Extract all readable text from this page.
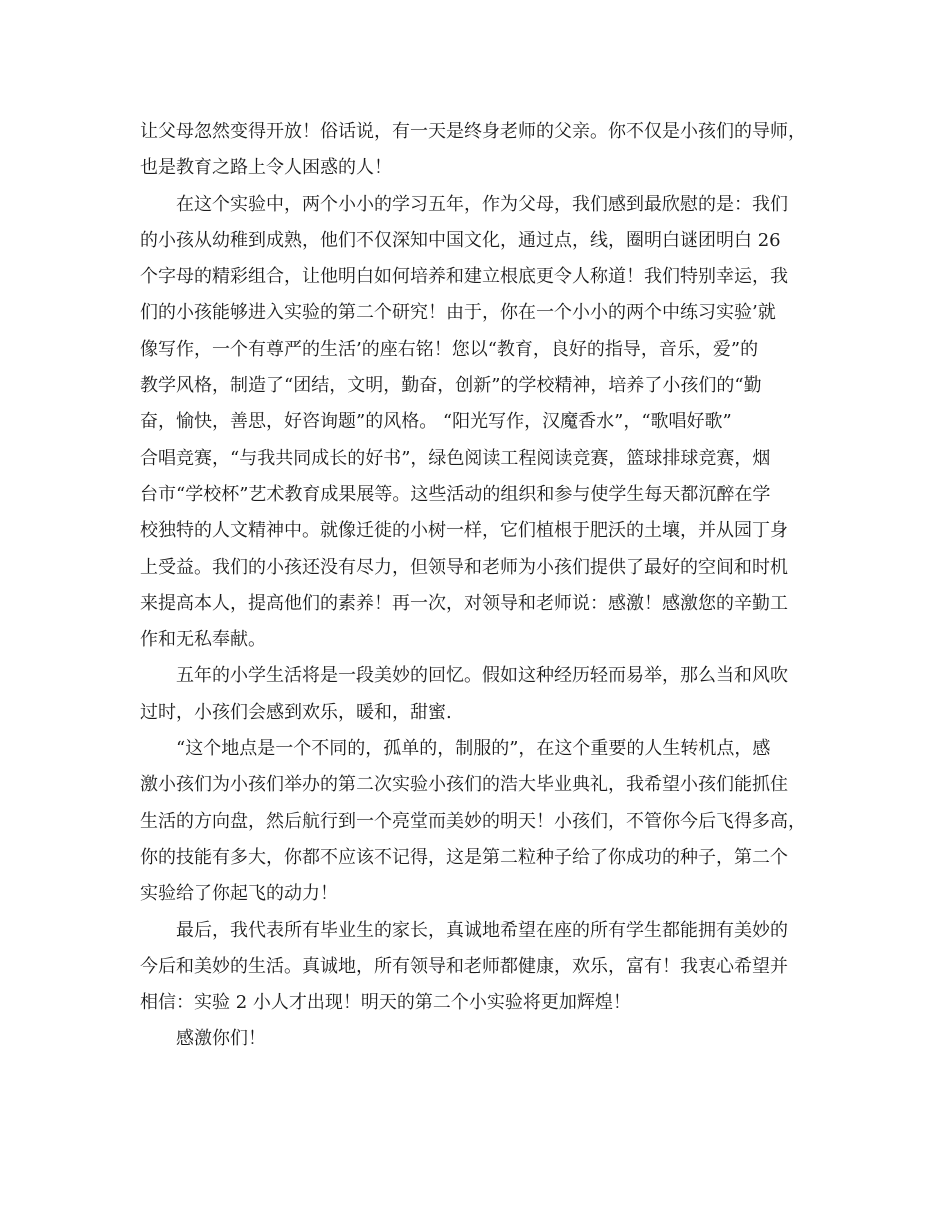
让父母忽然变得开放！俗话说，有一天是终身老师的父亲。你不仅是小孩们的导师，
也是教育之路上令人困惑的人！

在这个实验中，两个小小的学习五年，作为父母，我们感到最欣慰的是：我们
的小孩从幼稚到成熟，他们不仅深知中国文化，通过点，线，圈明白谜团明白 26
个字母的精彩组合，让他明白如何培养和建立根底更令人称道！我们特别幸运，我
们的小孩能够进入实验的第二个研究！由于，你在一个小小的两个中练习实验’就
像写作，一个有尊严的生活’的座右铭！您以“教育，良好的指导，音乐，爱”的
教学风格，制造了“团结，文明，勤奋，创新”的学校精神，培养了小孩们的“勤
奋，愉快，善思，好咨询题”的风格。 “阳光写作，汉魔香水”，“歌唱好歌”
合唱竞赛，“与我共同成长的好书”，绿色阅读工程阅读竞赛，篮球排球竞赛，烟
台市“学校杯”艺术教育成果展等。这些活动的组织和参与使学生每天都沉醉在学
校独特的人文精神中。就像迁徙的小树一样，它们植根于肥沃的土壤，并从园丁身
上受益。我们的小孩还没有尽力，但领导和老师为小孩们提供了最好的空间和时机
来提高本人，提高他们的素养！再一次，对领导和老师说：感激！感激您的辛勤工
作和无私奉献。

五年的小学生活将是一段美妙的回忆。假如这种经历轻而易举，那么当和风吹
过时，小孩们会感到欢乐，暖和，甜蜜.

“这个地点是一个不同的，孤单的，制服的”，在这个重要的人生转机点，感
激小孩们为小孩们举办的第二次实验小孩们的浩大毕业典礼，我希望小孩们能抓住
生活的方向盘，然后航行到一个亮堂而美妙的明天！小孩们，不管你今后飞得多高，
你的技能有多大，你都不应该不记得，这是第二粒种子给了你成功的种子，第二个
实验给了你起飞的动力！

最后，我代表所有毕业生的家长，真诚地希望在座的所有学生都能拥有美妙的
今后和美妙的生活。真诚地，所有领导和老师都健康，欢乐，富有！我衷心希望并
相信：实验 2 小人才出现！明天的第二个小实验将更加辉煌！

感激你们！
